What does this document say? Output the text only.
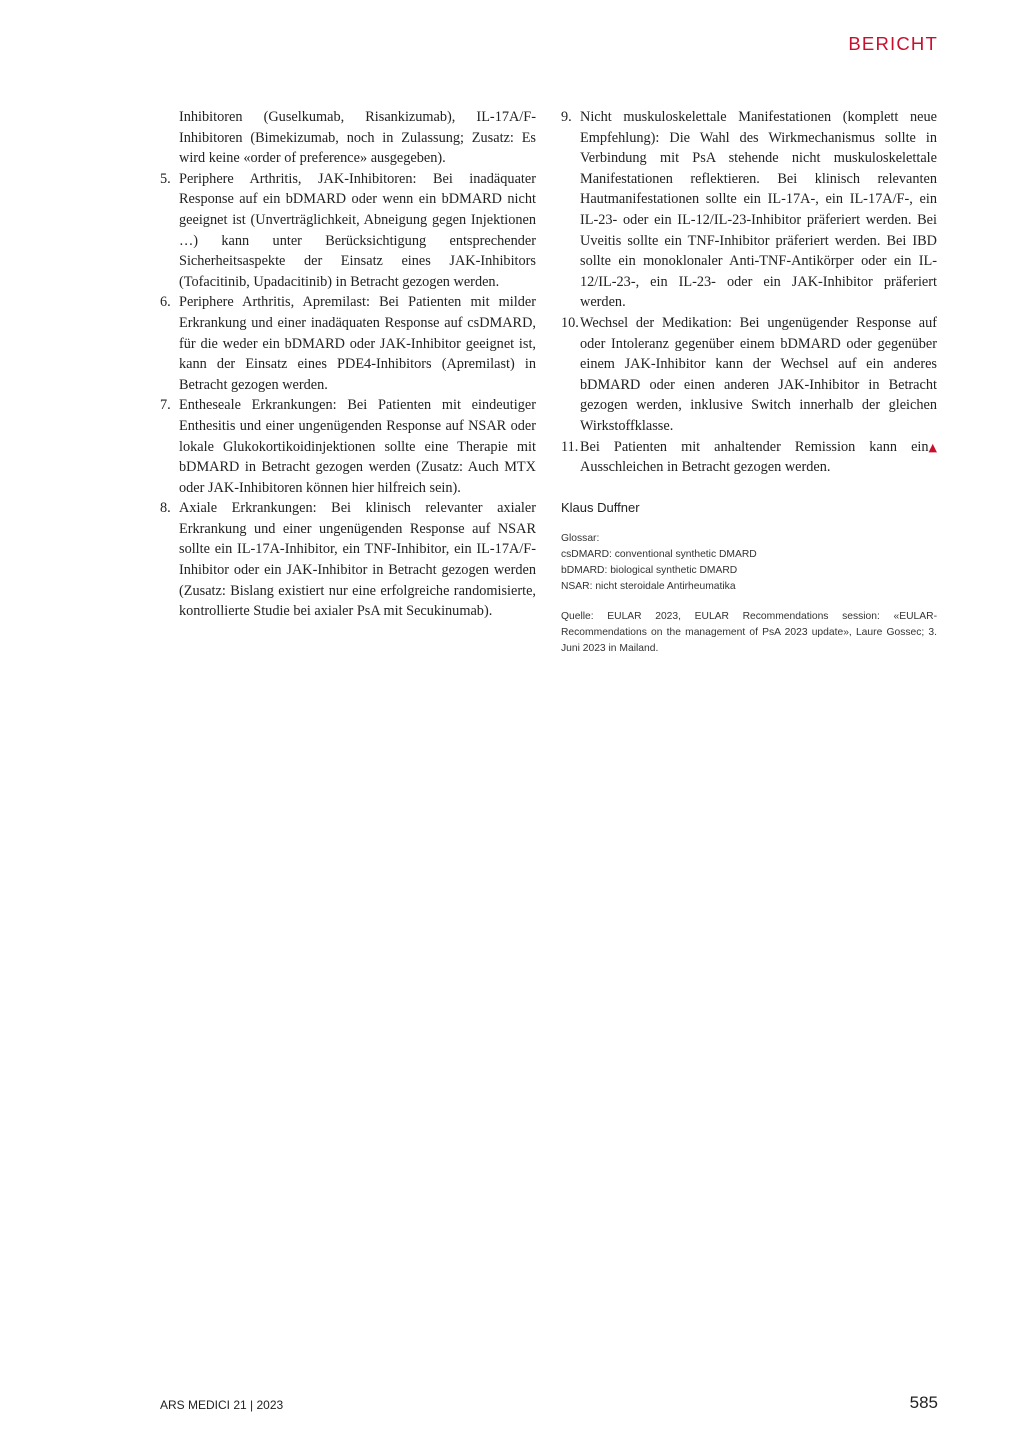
BERICHT

Inhibitoren (Guselkumab, Risankizumab), IL-17A/F-Inhibitoren (Bimekizumab, noch in Zulassung; Zusatz: Es wird keine «order of preference» ausgegeben).

5. Periphere Arthritis, JAK-Inhibitoren: Bei inadäquater Response auf ein bDMARD oder wenn ein bDMARD nicht geeignet ist (Unverträglichkeit, Abneigung gegen Injektionen …) kann unter Berücksichtigung entsprechender Sicherheitsaspekte der Einsatz eines JAK-Inhibitors (Tofacitinib, Upadacitinib) in Betracht gezogen werden.

6. Periphere Arthritis, Apremilast: Bei Patienten mit milder Erkrankung und einer inadäquaten Response auf csDMARD, für die weder ein bDMARD oder JAK-Inhibitor geeignet ist, kann der Einsatz eines PDE4-Inhibitors (Apremilast) in Betracht gezogen werden.

7. Entheseale Erkrankungen: Bei Patienten mit eindeutiger Enthesitis und einer ungenügenden Response auf NSAR oder lokale Glukokortikoidinjektionen sollte eine Therapie mit bDMARD in Betracht gezogen werden (Zusatz: Auch MTX oder JAK-Inhibitoren können hier hilfreich sein).

8. Axiale Erkrankungen: Bei klinisch relevanter axialer Erkrankung und einer ungenügenden Response auf NSAR sollte ein IL-17A-Inhibitor, ein TNF-Inhibitor, ein IL-17A/F-Inhibitor oder ein JAK-Inhibitor in Betracht gezogen werden (Zusatz: Bislang existiert nur eine erfolgreiche randomisierte, kontrollierte Studie bei axialer PsA mit Secukinumab).

9. Nicht muskuloskelettale Manifestationen (komplett neue Empfehlung): Die Wahl des Wirkmechanismus sollte in Verbindung mit PsA stehende nicht muskuloskelettale Manifestationen reflektieren. Bei klinisch relevanten Hautmanifestationen sollte ein IL-17A-, ein IL-17A/F-, ein IL-23- oder ein IL-12/IL-23-Inhibitor präferiert werden. Bei Uveitis sollte ein TNF-Inhibitor präferiert werden. Bei IBD sollte ein monoklonaler Anti-TNF-Antikörper oder ein IL-12/IL-23-, ein IL-23- oder ein JAK-Inhibitor präferiert werden.

10. Wechsel der Medikation: Bei ungenügender Response auf oder Intoleranz gegenüber einem bDMARD oder gegenüber einem JAK-Inhibitor kann der Wechsel auf ein anderes bDMARD oder einen anderen JAK-Inhibitor in Betracht gezogen werden, inklusive Switch innerhalb der gleichen Wirkstoffklasse.

11.	▲
Bei Patienten mit anhaltender Remission kann ein Ausschleichen in Betracht gezogen werden.
Klaus Duffner
Glossar:
csDMARD: conventional synthetic DMARD
bDMARD: biological synthetic DMARD
NSAR: nicht steroidale Antirheumatika
Quelle: EULAR 2023, EULAR Recommendations session: «EULAR-Recommendations on the management of PsA 2023 update», Laure Gossec; 3. Juni 2023 in Mailand.
ARS MEDICI 21 | 2023	585
